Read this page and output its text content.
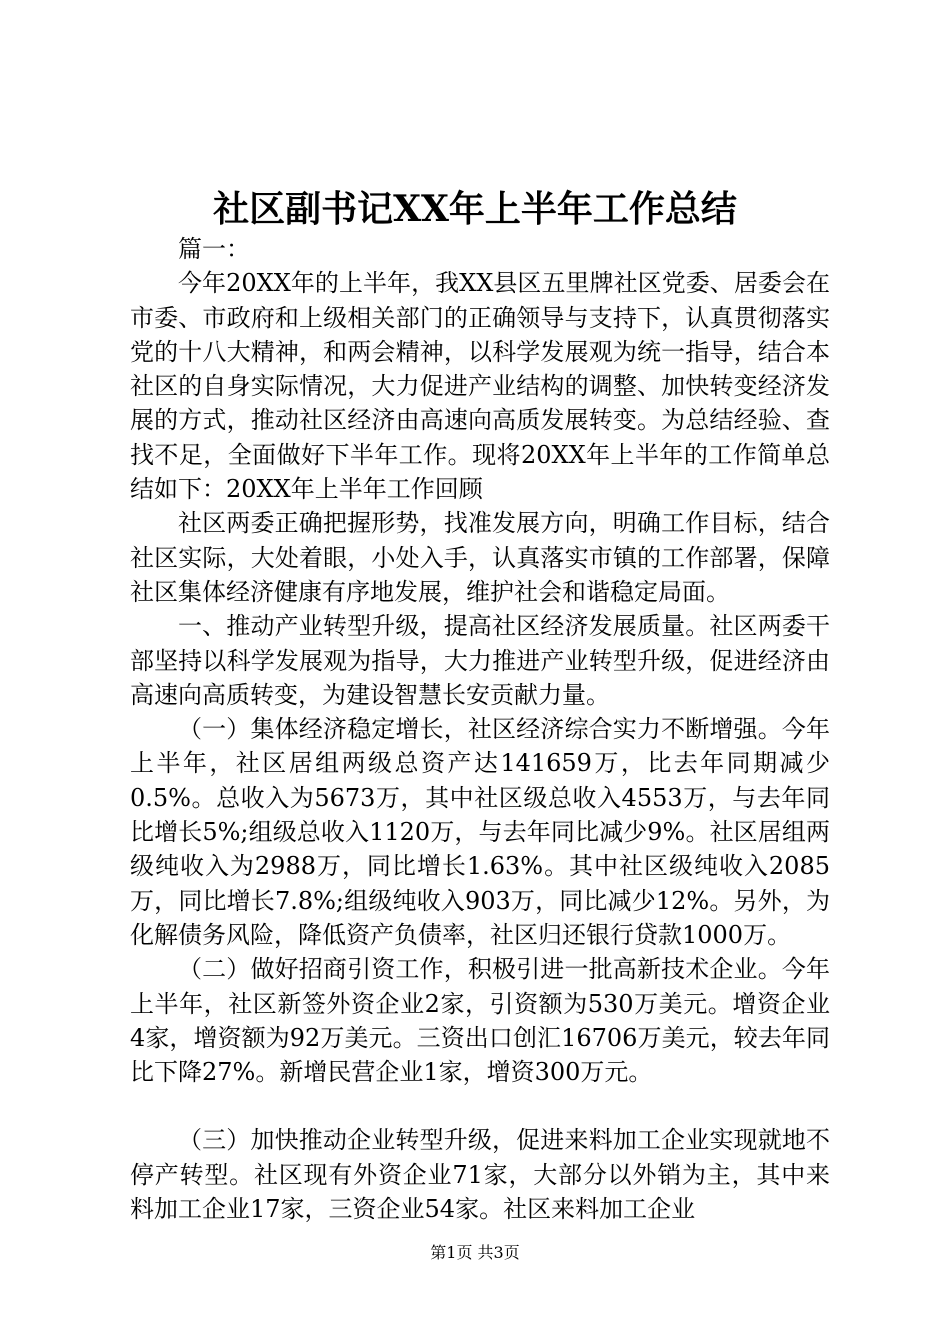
社区副书记XX年上半年工作总结

篇一：

今年20XX年的上半年，我XX县区五里牌社区党委、居委会在市委、市政府和上级相关部门的正确领导与支持下，认真贯彻落实党的十八大精神，和两会精神，以科学发展观为统一指导，结合本社区的自身实际情况，大力促进产业结构的调整、加快转变经济发展的方式，推动社区经济由高速向高质发展转变。为总结经验、查找不足，全面做好下半年工作。现将20XX年上半年的工作简单总结如下：20XX年上半年工作回顾

社区两委正确把握形势，找准发展方向，明确工作目标，结合社区实际，大处着眼，小处入手，认真落实市镇的工作部署，保障社区集体经济健康有序地发展，维护社会和谐稳定局面。

一、推动产业转型升级，提高社区经济发展质量。社区两委干部坚持以科学发展观为指导，大力推进产业转型升级，促进经济由高速向高质转变，为建设智慧长安贡献力量。

（一）集体经济稳定增长，社区经济综合实力不断增强。今年上半年，社区居组两级总资产达141659万，比去年同期减少0.5%。总收入为5673万，其中社区级总收入4553万，与去年同比增长5%;组级总收入1120万，与去年同比减少9%。社区居组两级纯收入为2988万，同比增长1.63%。其中社区级纯收入2085万，同比增长7.8%;组级纯收入903万，同比减少12%。另外，为化解债务风险，降低资产负债率，社区归还银行贷款1000万。

（二）做好招商引资工作，积极引进一批高新技术企业。今年上半年，社区新签外资企业2家，引资额为530万美元。增资企业4家，增资额为92万美元。三资出口创汇16706万美元，较去年同比下降27%。新增民营企业1家，增资300万元。

（三）加快推动企业转型升级，促进来料加工企业实现就地不停产转型。社区现有外资企业71家，大部分以外销为主，其中来料加工企业17家，三资企业54家。社区来料加工企业

第1页 共3页
